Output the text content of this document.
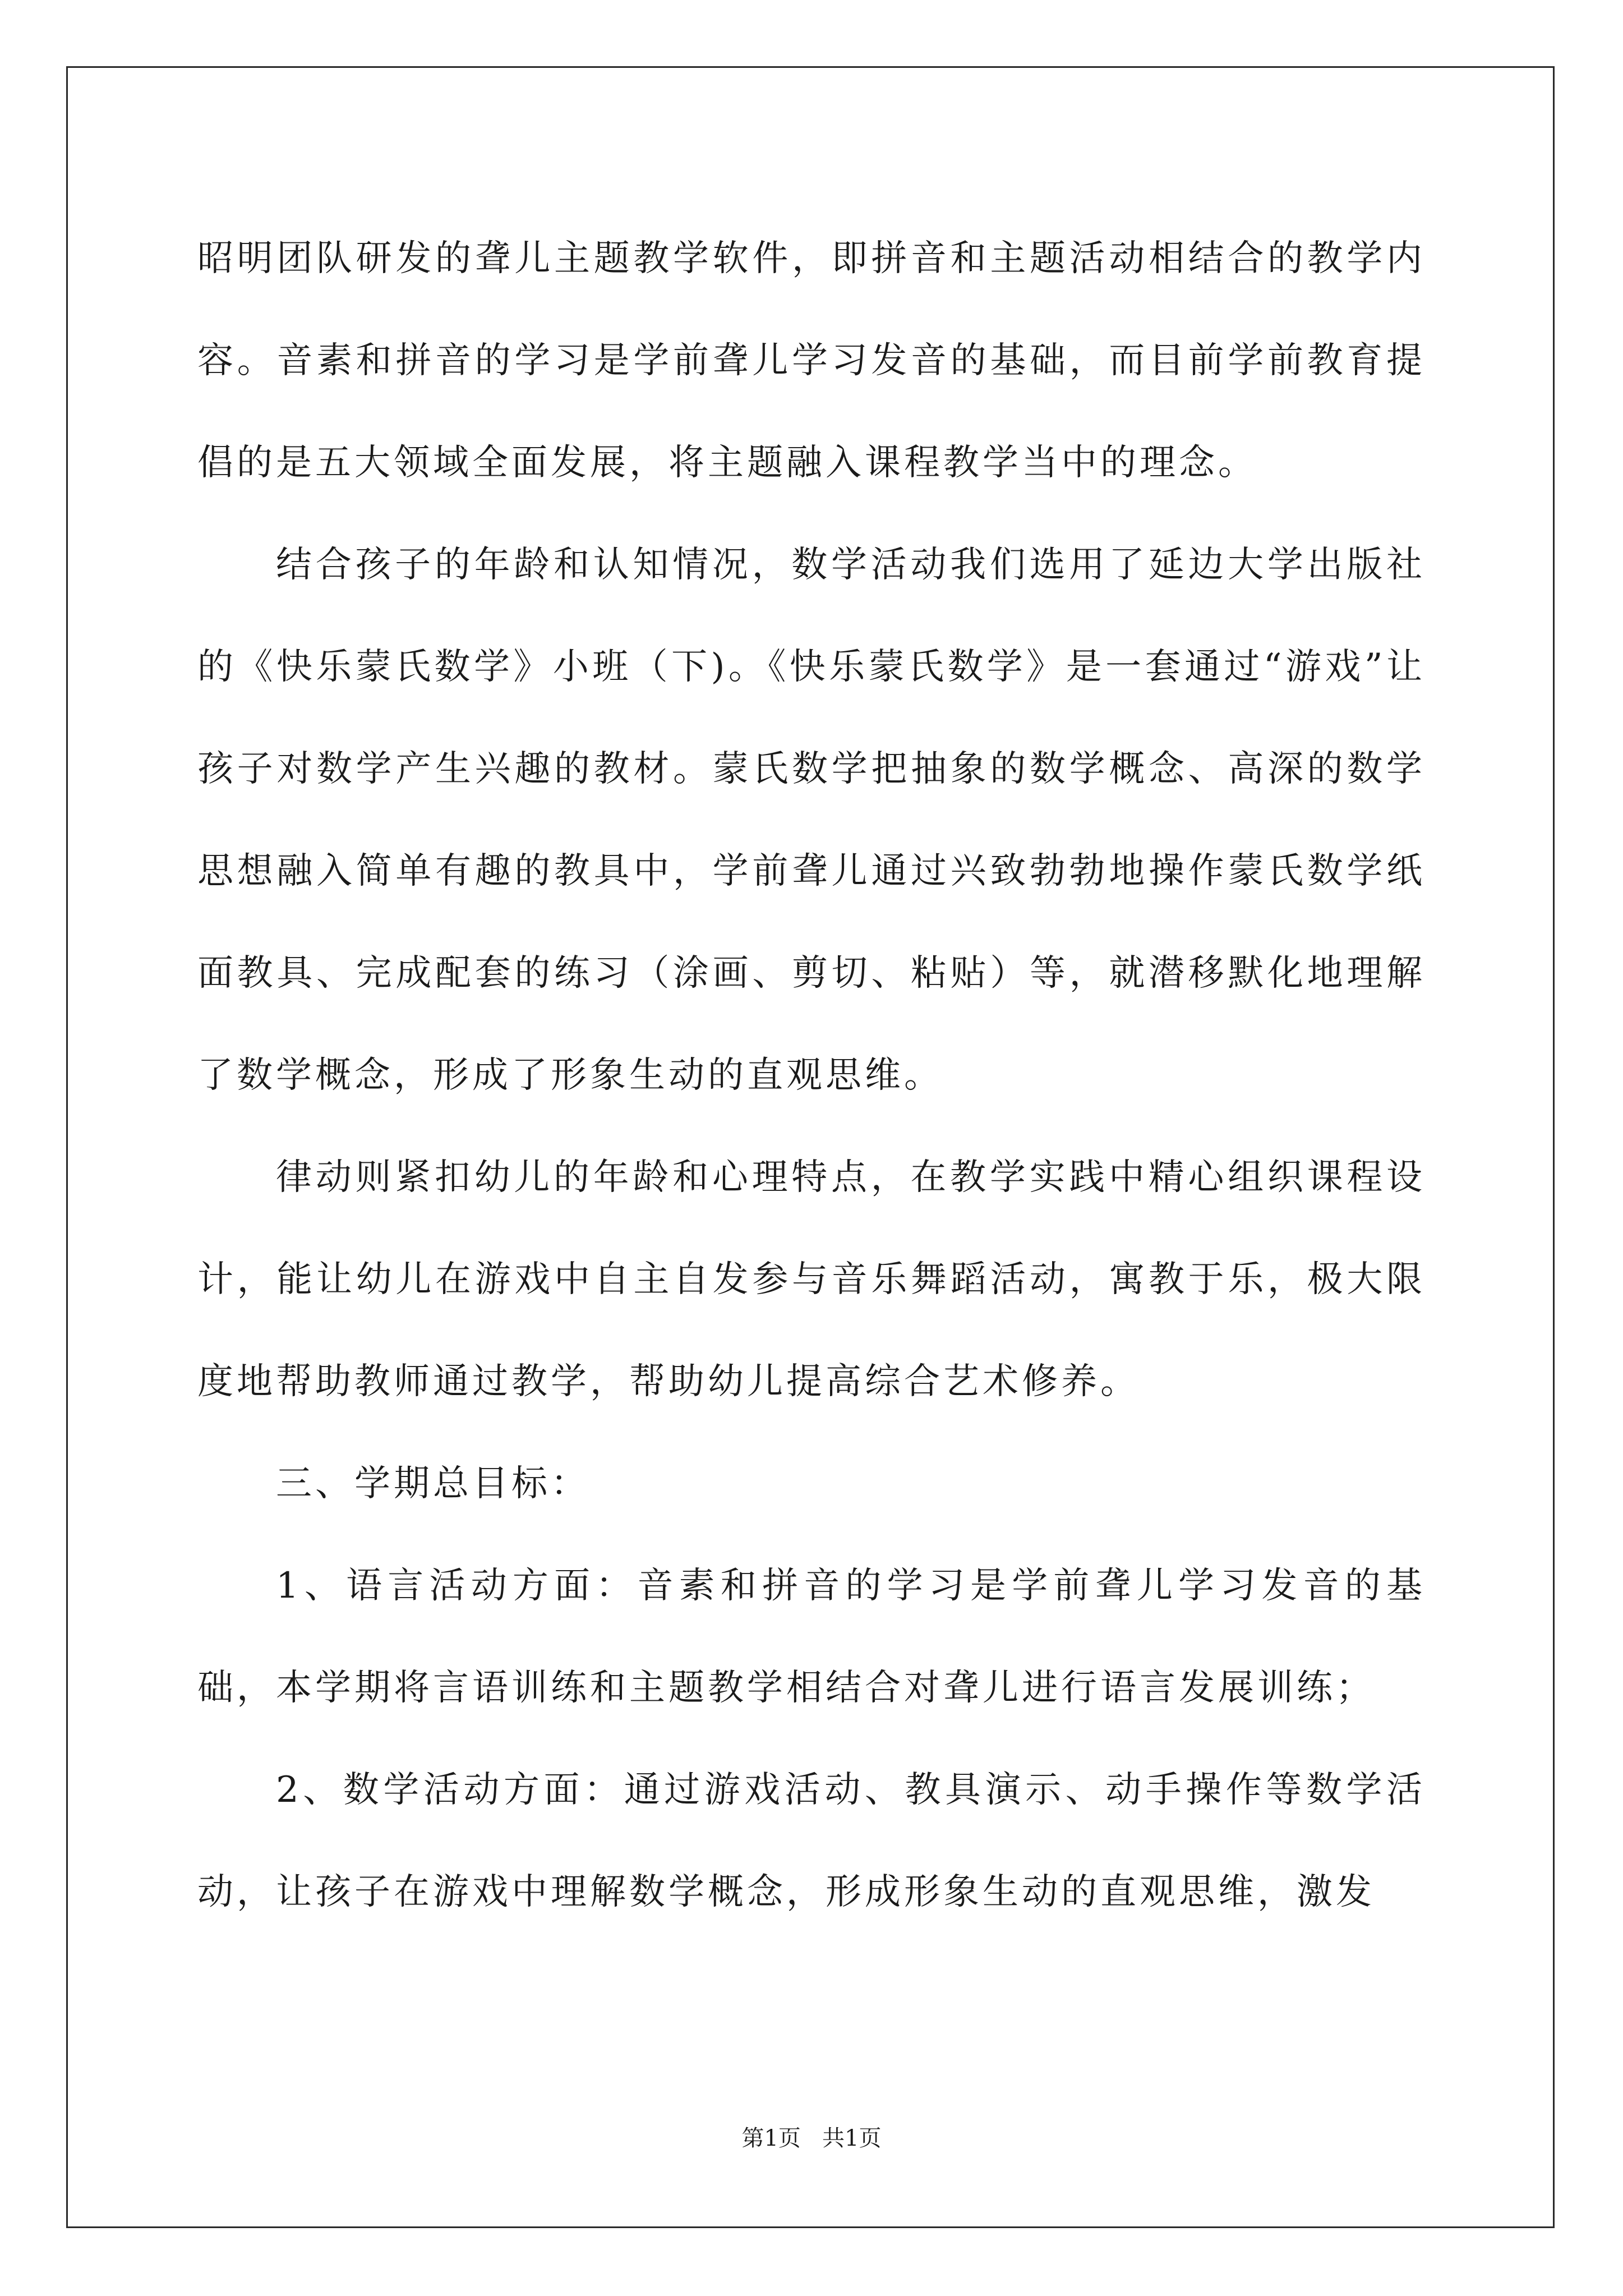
昭明团队研发的聋儿主题教学软件，即拼音和主题活动相结合的教学内容。音素和拼音的学习是学前聋儿学习发音的基础，而目前学前教育提倡的是五大领域全面发展，将主题融入课程教学当中的理念。

结合孩子的年龄和认知情况，数学活动我们选用了延边大学出版社的《快乐蒙氏数学》小班（下)。《快乐蒙氏数学》是一套通过“游戏”让孩子对数学产生兴趣的教材。蒙氏数学把抽象的数学概念、高深的数学思想融入简单有趣的教具中，学前聋儿通过兴致勃勃地操作蒙氏数学纸面教具、完成配套的练习（涂画、剪切、粘贴）等，就潜移默化地理解了数学概念，形成了形象生动的直观思维。

律动则紧扣幼儿的年龄和心理特点，在教学实践中精心组织课程设计，能让幼儿在游戏中自主自发参与音乐舞蹈活动，寓教于乐，极大限度地帮助教师通过教学，帮助幼儿提高综合艺术修养。

三、学期总目标：

1、语言活动方面：音素和拼音的学习是学前聋儿学习发音的基础，本学期将言语训练和主题教学相结合对聋儿进行语言发展训练；

2、数学活动方面：通过游戏活动、教具演示、动手操作等数学活动，让孩子在游戏中理解数学概念，形成形象生动的直观思维，激发

第1页   共1页
